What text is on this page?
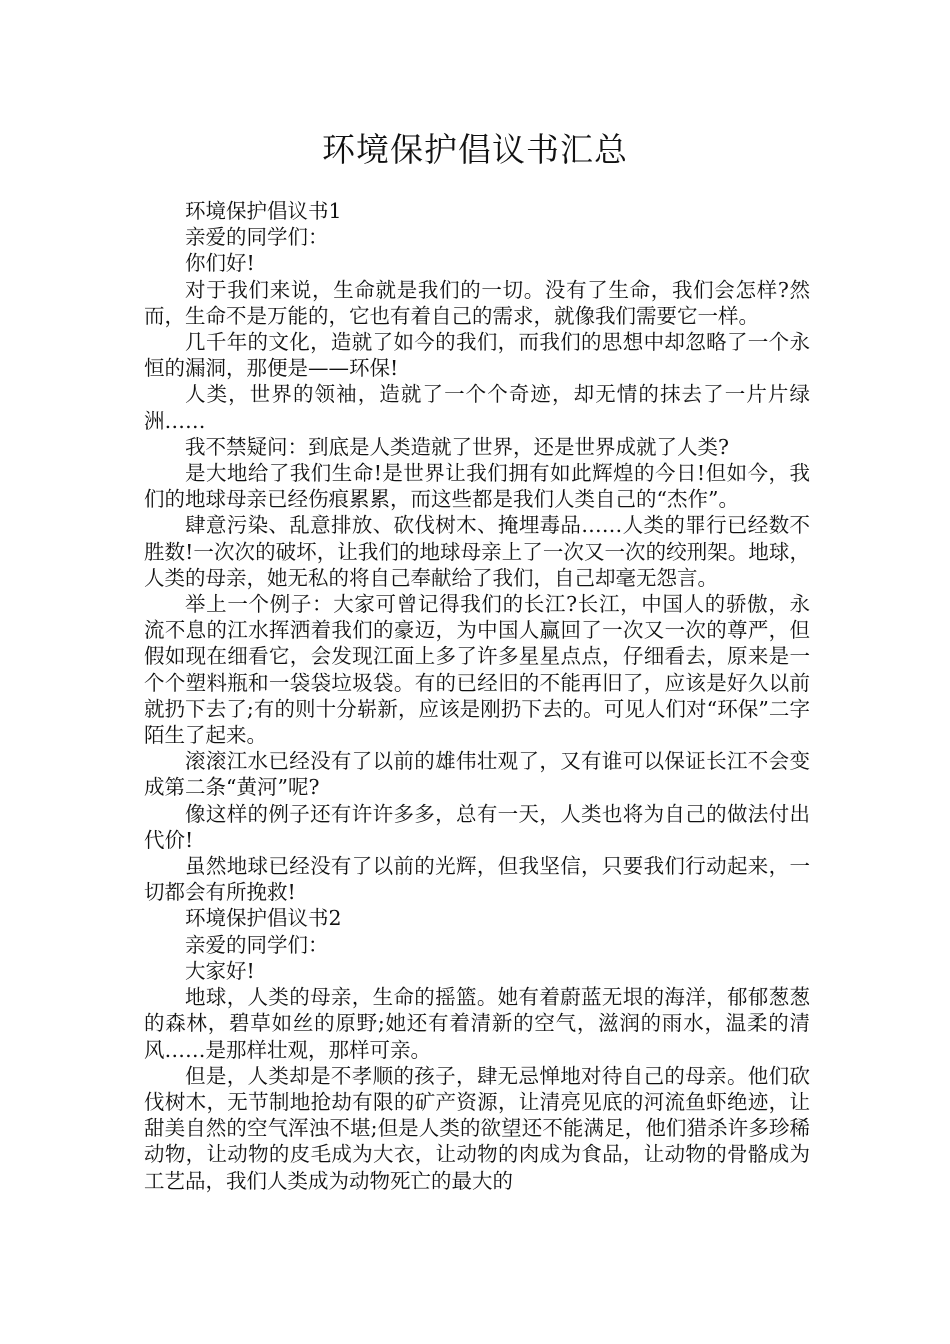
环境保护倡议书汇总

环境保护倡议书1

亲爱的同学们：

你们好!

对于我们来说，生命就是我们的一切。没有了生命，我们会怎样?然而，生命不是万能的，它也有着自己的需求，就像我们需要它一样。

几千年的文化，造就了如今的我们，而我们的思想中却忽略了一个永恒的漏洞，那便是——环保!

人类，世界的领袖，造就了一个个奇迹，却无情的抹去了一片片绿洲……

我不禁疑问：到底是人类造就了世界，还是世界成就了人类?

是大地给了我们生命!是世界让我们拥有如此辉煌的今日!但如今，我们的地球母亲已经伤痕累累，而这些都是我们人类自己的“杰作”。

肆意污染、乱意排放、砍伐树木、掩埋毒品……人类的罪行已经数不胜数!一次次的破坏，让我们的地球母亲上了一次又一次的绞刑架。地球，人类的母亲，她无私的将自己奉献给了我们，自己却毫无怨言。

举上一个例子：大家可曾记得我们的长江?长江，中国人的骄傲，永流不息的江水挥洒着我们的豪迈，为中国人赢回了一次又一次的尊严，但假如现在细看它，会发现江面上多了许多星星点点，仔细看去，原来是一个个塑料瓶和一袋袋垃圾袋。有的已经旧的不能再旧了，应该是好久以前就扔下去了;有的则十分崭新，应该是刚扔下去的。可见人们对“环保”二字陌生了起来。

滚滚江水已经没有了以前的雄伟壮观了，又有谁可以保证长江不会变成第二条“黄河”呢?

像这样的例子还有许许多多，总有一天，人类也将为自己的做法付出代价!

虽然地球已经没有了以前的光辉，但我坚信，只要我们行动起来，一切都会有所挽救!

环境保护倡议书2

亲爱的同学们：

大家好!

地球，人类的母亲，生命的摇篮。她有着蔚蓝无垠的海洋，郁郁葱葱的森林，碧草如丝的原野;她还有着清新的空气，滋润的雨水，温柔的清风……是那样壮观，那样可亲。

但是，人类却是不孝顺的孩子，肆无忌惮地对待自己的母亲。他们砍伐树木，无节制地抢劫有限的矿产资源，让清亮见底的河流鱼虾绝迹，让甜美自然的空气浑浊不堪;但是人类的欲望还不能满足，他们猎杀许多珍稀动物，让动物的皮毛成为大衣，让动物的肉成为食品，让动物的骨骼成为工艺品，我们人类成为动物死亡的最大的
